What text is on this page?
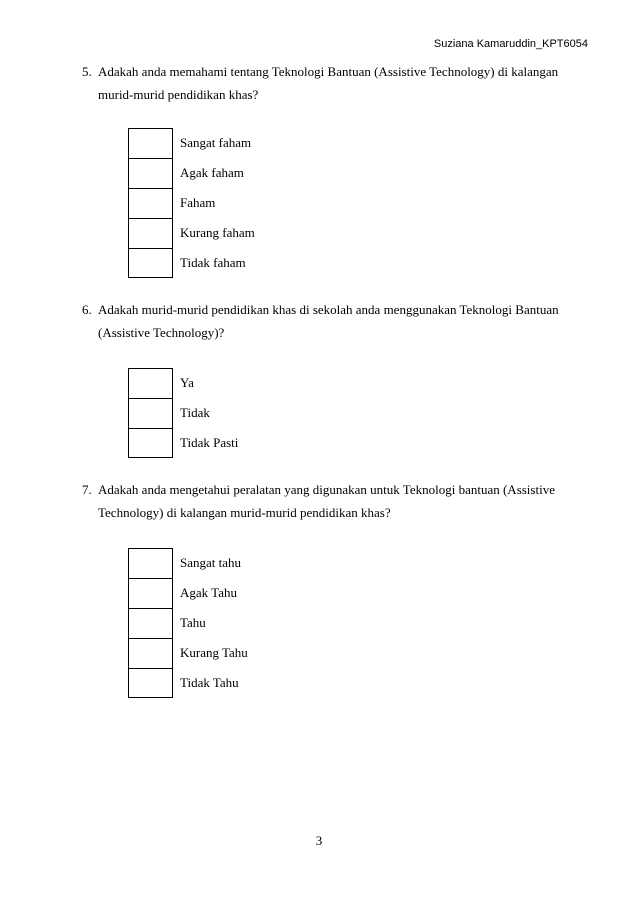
Suziana Kamaruddin_KPT6054
5. Adakah anda memahami tentang Teknologi Bantuan (Assistive Technology) di kalangan murid-murid pendidikan khas?
Sangat faham
Agak faham
Faham
Kurang faham
Tidak faham
6. Adakah murid-murid pendidikan khas di sekolah anda menggunakan Teknologi Bantuan (Assistive Technology)?
Ya
Tidak
Tidak Pasti
7. Adakah anda mengetahui peralatan yang digunakan untuk Teknologi bantuan (Assistive Technology) di kalangan murid-murid pendidikan khas?
Sangat tahu
Agak Tahu
Tahu
Kurang Tahu
Tidak Tahu
3
